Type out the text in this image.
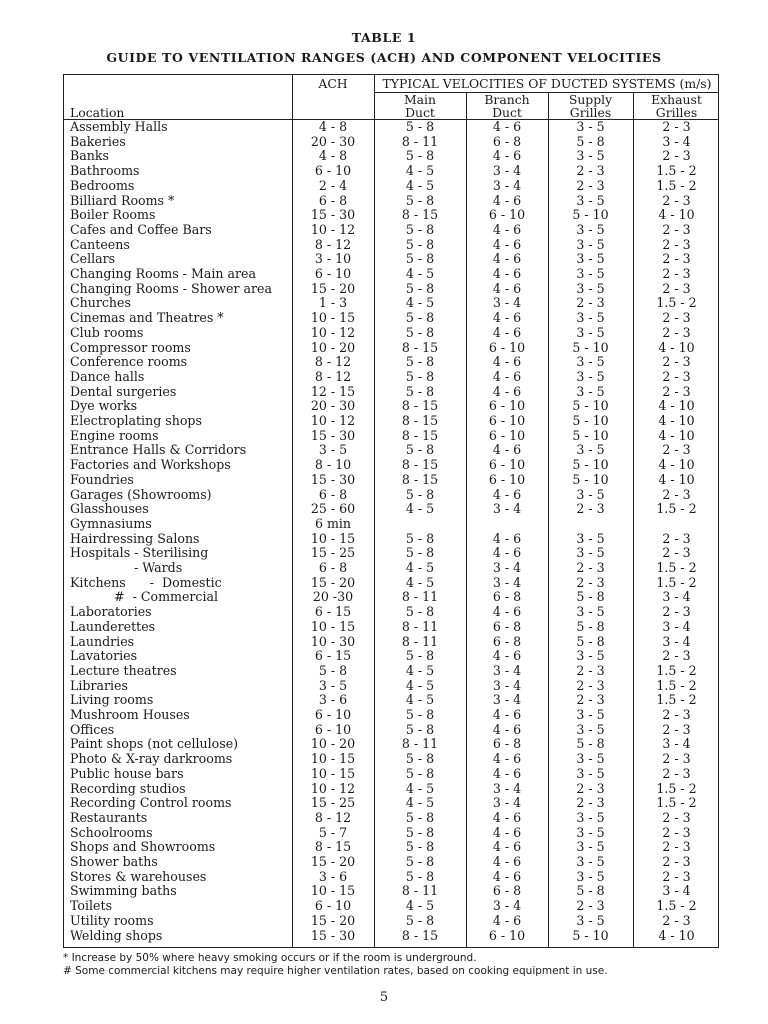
TABLE 1
GUIDE TO VENTILATION RANGES (ACH) AND COMPONENT VELOCITIES
ACH	TYPICAL VELOCITIES OF DUCTED SYSTEMS (m/s)
Location
Main
Duct
Branch
Duct
Supply
Grilles
Exhaust
Grilles
Assembly Halls	4 - 8	5 - 8	4 - 6	3 - 5	2 - 3
Bakeries	20 - 30	8 - 11	6 - 8	5 - 8	3 - 4
Banks	4 - 8	5 - 8	4 - 6	3 - 5	2 - 3
Bathrooms	6 - 10	4 - 5	3 - 4	2 - 3	1.5 - 2
Bedrooms	2 - 4	4 - 5	3 - 4	2 - 3	1.5 - 2
Billiard Rooms *	6 - 8	5 - 8	4 - 6	3 - 5	2 - 3
Boiler Rooms	15 - 30	8 - 15	6 - 10	5 - 10	4 - 10
Cafes and Coffee Bars	10 - 12	5 - 8	4 - 6	3 - 5	2 - 3
Canteens	8 - 12	5 - 8	4 - 6	3 - 5	2 - 3
Cellars	3 - 10	5 - 8	4 - 6	3 - 5	2 - 3
Changing Rooms - Main area	6 - 10	4 - 5	4 - 6	3 - 5	2 - 3
Changing Rooms - Shower area	15 - 20	5 - 8	4 - 6	3 - 5	2 - 3
Churches	1 - 3	4 - 5	3 - 4	2 - 3	1.5 - 2
Cinemas and Theatres *	10 - 15	5 - 8	4 - 6	3 - 5	2 - 3
Club rooms	10 - 12	5 - 8	4 - 6	3 - 5	2 - 3
Compressor rooms	10 - 20	8 - 15	6 - 10	5 - 10	4 - 10
Conference rooms	8 - 12	5 - 8	4 - 6	3 - 5	2 - 3
Dance halls	8 - 12	5 - 8	4 - 6	3 - 5	2 - 3
Dental surgeries	12 - 15	5 - 8	4 - 6	3 - 5	2 - 3
Dye works	20 - 30	8 - 15	6 - 10	5 - 10	4 - 10
Electroplating shops	10 - 12	8 - 15	6 - 10	5 - 10	4 - 10
Engine rooms	15 - 30	8 - 15	6 - 10	5 - 10	4 - 10
Entrance Halls & Corridors	3 - 5	5 - 8	4 - 6	3 - 5	2 - 3
Factories and Workshops	8 - 10	8 - 15	6 - 10	5 - 10	4 - 10
Foundries	15 - 30	8 - 15	6 - 10	5 - 10	4 - 10
Garages (Showrooms)	6 - 8	5 - 8	4 - 6	3 - 5	2 - 3
Glasshouses	25 - 60	4 - 5	3 - 4	2 - 3	1.5 - 2
Gymnasiums	6 min
Hairdressing Salons	10 - 15	5 - 8	4 - 6	3 - 5	2 - 3
Hospitals - Sterilising	15 - 25	5 - 8	4 - 6	3 - 5	2 - 3
- Wards	6 - 8	4 - 5	3 - 4	2 - 3	1.5 - 2
Kitchens      -  Domestic	15 - 20	4 - 5	3 - 4	2 - 3	1.5 - 2
#  - Commercial	20 -30	8 - 11	6 - 8	5 - 8	3 - 4
Laboratories	6 - 15	5 - 8	4 - 6	3 - 5	2 - 3
Launderettes	10 - 15	8 - 11	6 - 8	5 - 8	3 - 4
Laundries	10 - 30	8 - 11	6 - 8	5 - 8	3 - 4
Lavatories	6 - 15	5 - 8	4 - 6	3 - 5	2 - 3
Lecture theatres	5 - 8	4 - 5	3 - 4	2 - 3	1.5 - 2
Libraries	3 - 5	4 - 5	3 - 4	2 - 3	1.5 - 2
Living rooms	3 - 6	4 - 5	3 - 4	2 - 3	1.5 - 2
Mushroom Houses	6 - 10	5 - 8	4 - 6	3 - 5	2 - 3
Offices	6 - 10	5 - 8	4 - 6	3 - 5	2 - 3
Paint shops (not cellulose)	10 - 20	8 - 11	6 - 8	5 - 8	3 - 4
Photo & X-ray darkrooms	10 - 15	5 - 8	4 - 6	3 - 5	2 - 3
Public house bars	10 - 15	5 - 8	4 - 6	3 - 5	2 - 3
Recording studios	10 - 12	4 - 5	3 - 4	2 - 3	1.5 - 2
Recording Control rooms	15 - 25	4 - 5	3 - 4	2 - 3	1.5 - 2
Restaurants	8 - 12	5 - 8	4 - 6	3 - 5	2 - 3
Schoolrooms	5 - 7	5 - 8	4 - 6	3 - 5	2 - 3
Shops and Showrooms	8 - 15	5 - 8	4 - 6	3 - 5	2 - 3
Shower baths	15 - 20	5 - 8	4 - 6	3 - 5	2 - 3
Stores & warehouses	3 - 6	5 - 8	4 - 6	3 - 5	2 - 3
Swimming baths	10 - 15	8 - 11	6 - 8	5 - 8	3 - 4
Toilets	6 - 10	4 - 5	3 - 4	2 - 3	1.5 - 2
Utility rooms	15 - 20	5 - 8	4 - 6	3 - 5	2 - 3
Welding shops	15 - 30	8 - 15	6 - 10	5 - 10	4 - 10
* Increase by 50% where heavy smoking occurs or if the room is underground.
# Some commercial kitchens may require higher ventilation rates, based on cooking equipment in use.
5
